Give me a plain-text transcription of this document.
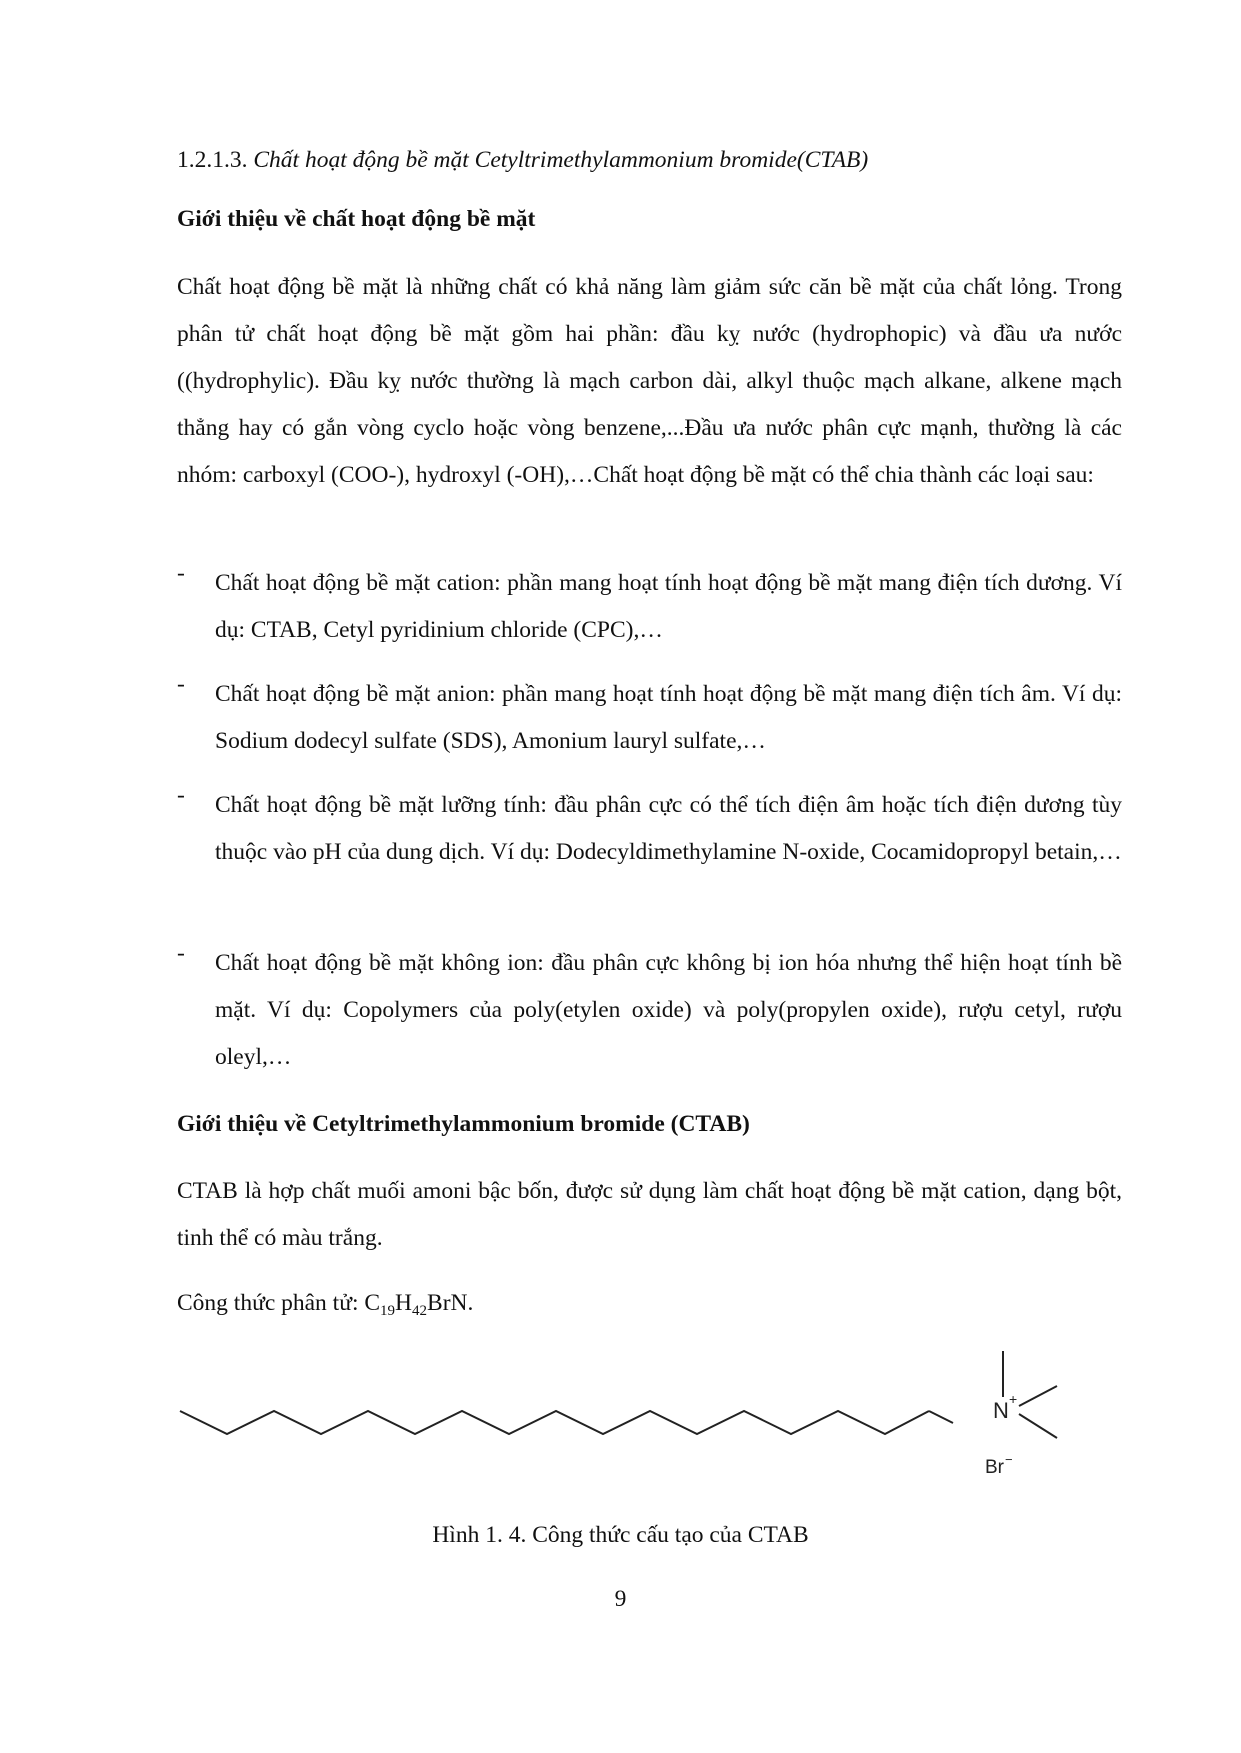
1.2.1.3. Chất hoạt động bề mặt Cetyltrimethylammonium bromide(CTAB)
Giới thiệu về chất hoạt động bề mặt
Chất hoạt động bề mặt là những chất có khả năng làm giảm sức căn bề mặt của chất lỏng. Trong phân tử chất hoạt động bề mặt gồm hai phần: đầu kỵ nước (hydrophopic) và đầu ưa nước ((hydrophylic). Đầu kỵ nước thường là mạch carbon dài, alkyl thuộc mạch alkane, alkene mạch thẳng hay có gắn vòng cyclo hoặc vòng benzene,...Đầu ưa nước phân cực mạnh, thường là các nhóm: carboxyl (COO-), hydroxyl (-OH),…Chất hoạt động bề mặt có thể chia thành các loại sau:
- Chất hoạt động bề mặt cation: phần mang hoạt tính hoạt động bề mặt mang điện tích dương. Ví dụ: CTAB, Cetyl pyridinium chloride (CPC),…
- Chất hoạt động bề mặt anion: phần mang hoạt tính hoạt động bề mặt mang điện tích âm. Ví dụ: Sodium dodecyl sulfate (SDS), Amonium lauryl sulfate,…
- Chất hoạt động bề mặt lưỡng tính: đầu phân cực có thể tích điện âm hoặc tích điện dương tùy thuộc vào pH của dung dịch. Ví dụ: Dodecyldimethylamine N-oxide, Cocamidopropyl betain,…
- Chất hoạt động bề mặt không ion: đầu phân cực không bị ion hóa nhưng thể hiện hoạt tính bề mặt. Ví dụ: Copolymers của poly(etylen oxide) và poly(propylen oxide), rượu cetyl, rượu oleyl,…
Giới thiệu về Cetyltrimethylammonium bromide (CTAB)
CTAB là hợp chất muối amoni bậc bốn, được sử dụng làm chất hoạt động bề mặt cation, dạng bột, tinh thể có màu trắng.
Công thức phân tử: $C_{19}H_{42}BrN$.
N +
Br −
Hình 1. 4. Công thức cấu tạo của CTAB
9
